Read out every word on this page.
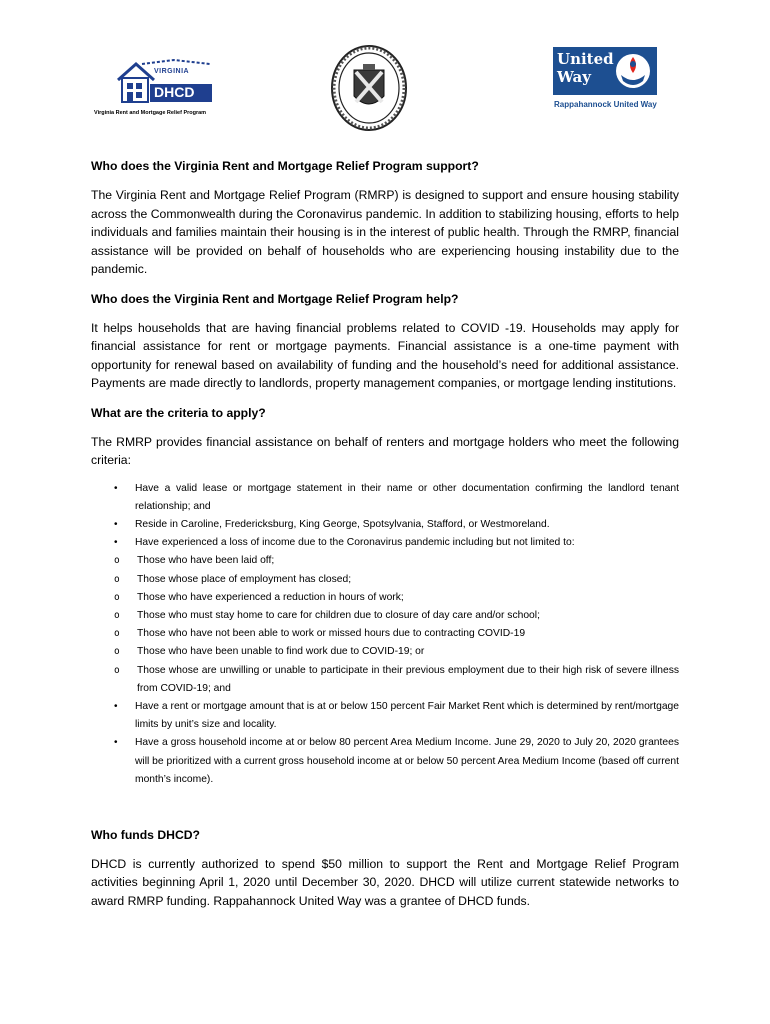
VIRGINIA
DHCD
Virginia Rent and Mortgage Relief Program
United
Way
Rappahannock United Way
Who does the Virginia Rent and Mortgage Relief Program support?

The Virginia Rent and Mortgage Relief Program (RMRP) is designed to support and ensure housing stability across the Commonwealth during the Coronavirus pandemic. In addition to stabilizing housing, efforts to help individuals and families maintain their housing is in the interest of public health. Through the RMRP, financial assistance will be provided on behalf of households who are experiencing housing instability due to the pandemic.

Who does the Virginia Rent and Mortgage Relief Program help?

It helps households that are having financial problems related to COVID -19. Households may apply for financial assistance for rent or mortgage payments. Financial assistance is a one-time payment with opportunity for renewal based on availability of funding and the household’s need for additional assistance. Payments are made directly to landlords, property management companies, or mortgage lending institutions.

What are the criteria to apply?

The RMRP provides financial assistance on behalf of renters and mortgage holders who meet the following criteria:

• Have a valid lease or mortgage statement in their name or other documentation confirming the landlord tenant relationship; and
• Reside in Caroline, Fredericksburg, King George, Spotsylvania, Stafford, or Westmoreland.
• Have experienced a loss of income due to the Coronavirus pandemic including but not limited to:
o Those who have been laid off;
o Those whose place of employment has closed;
o Those who have experienced a reduction in hours of work;
o Those who must stay home to care for children due to closure of day care and/or school;
o Those who have not been able to work or missed hours due to contracting COVID-19
o Those who have been unable to find work due to COVID-19; or
o Those whose are unwilling or unable to participate in their previous employment due to their high risk of severe illness from COVID-19; and
• Have a rent or mortgage amount that is at or below 150 percent Fair Market Rent which is determined by rent/mortgage limits by unit’s size and locality.
• Have a gross household income at or below 80 percent Area Medium Income. June 29, 2020 to July 20, 2020 grantees will be prioritized with a current gross household income at or below 50 percent Area Medium Income (based off current month’s income).
Who funds DHCD?

DHCD is currently authorized to spend $50 million to support the Rent and Mortgage Relief Program activities beginning April 1, 2020 until December 30, 2020. DHCD will utilize current statewide networks to award RMRP funding. Rappahannock United Way was a grantee of DHCD funds.
